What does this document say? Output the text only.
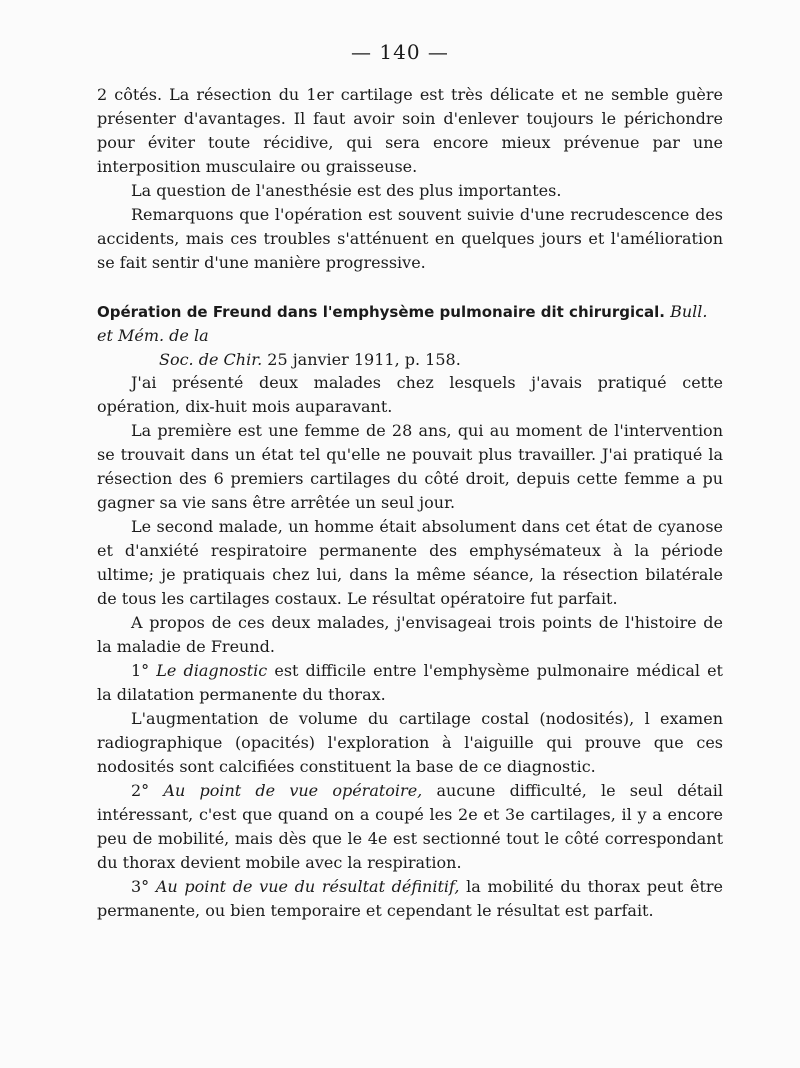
— 140 —

2 côtés. La résection du 1er cartilage est très délicate et ne semble guère présenter d'avantages. Il faut avoir soin d'enlever toujours le périchondre pour éviter toute récidive, qui sera encore mieux prévenue par une interposition musculaire ou graisseuse.

La question de l'anesthésie est des plus importantes.

Remarquons que l'opération est souvent suivie d'une recrudescence des accidents, mais ces troubles s'atténuent en quelques jours et l'amélioration se fait sentir d'une manière progressive.

Opération de Freund dans l'emphysème pulmonaire dit chirurgical. Bull. et Mém. de la
Soc. de Chir. 25 janvier 1911, p. 158.

J'ai présenté deux malades chez lesquels j'avais pratiqué cette opération, dix-huit mois auparavant.

La première est une femme de 28 ans, qui au moment de l'intervention se trouvait dans un état tel qu'elle ne pouvait plus travailler. J'ai pratiqué la résection des 6 premiers cartilages du côté droit, depuis cette femme a pu gagner sa vie sans être arrêtée un seul jour.

Le second malade, un homme était absolument dans cet état de cyanose et d'anxiété respiratoire permanente des emphysémateux à la période ultime; je pratiquais chez lui, dans la même séance, la résection bilatérale de tous les cartilages costaux. Le résultat opératoire fut parfait.

A propos de ces deux malades, j'envisageai trois points de l'histoire de la maladie de Freund.

1° Le diagnostic est difficile entre l'emphysème pulmonaire médical et la dilatation permanente du thorax.

L'augmentation de volume du cartilage costal (nodosités), l examen radiographique (opacités) l'exploration à l'aiguille qui prouve que ces nodosités sont calcifiées constituent la base de ce diagnostic.

2° Au point de vue opératoire, aucune difficulté, le seul détail intéressant, c'est que quand on a coupé les 2e et 3e cartilages, il y a encore peu de mobilité, mais dès que le 4e est sectionné tout le côté correspondant du thorax devient mobile avec la respiration.

3° Au point de vue du résultat définitif, la mobilité du thorax peut être permanente, ou bien temporaire et cependant le résultat est parfait.
